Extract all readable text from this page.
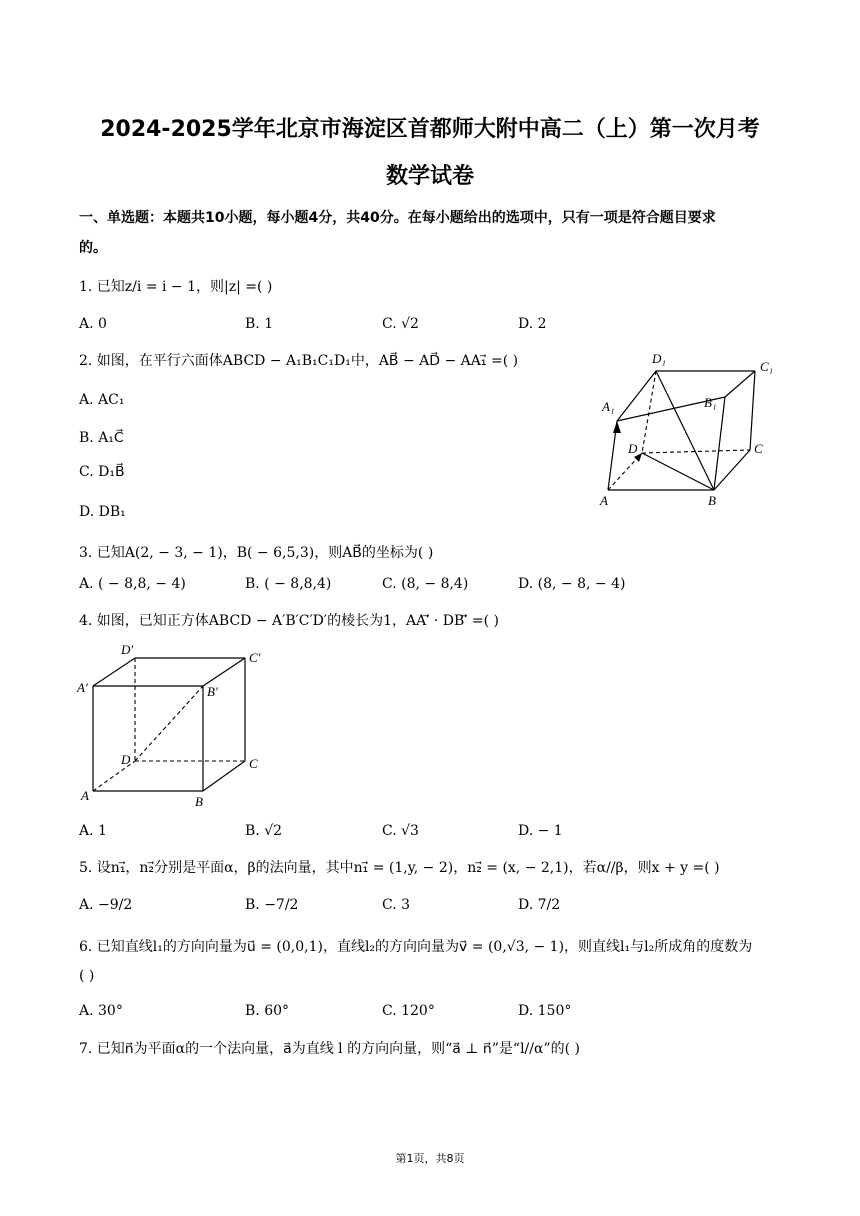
2024-2025学年北京市海淀区首都师大附中高二（上）第一次月考
数学试卷
一、单选题：本题共10小题，每小题4分，共40分。在每小题给出的选项中，只有一项是符合题目要求
的。
1. 已知z/i = i − 1，则|z| =( )
A. 0	B. 1	C. √2	D. 2
2. 如图，在平行六面体ABCD − A₁B₁C₁D₁中，AB⃗ − AD⃗ − AA₁⃗ =( )
A. AC₁
B. A₁C⃗
C. D₁B⃗
D. DB₁
D₁
C₁
A₁	B₁
D	C
A	B
3. 已知A(2, − 3, − 1)，B( − 6,5,3)，则AB⃗的坐标为( )
A. ( − 8,8, − 4)	B. ( − 8,8,4)	C. (8, − 8,4)	D. (8, − 8, − 4)
4. 如图，已知正方体ABCD − A′B′C′D′的棱长为1，AA′⃗ · DB′⃗ =( )
D′
C′
A′	B′
D	C
A	B
A. 1	B. √2	C. √3	D. − 1
5. 设n₁⃗，n₂⃗分别是平面α，β的法向量，其中n₁⃗ = (1,y, − 2)，n₂⃗ = (x, − 2,1)，若α//β，则x + y =( )
A. −9/2	B. −7/2	C. 3	D. 7/2
6. 已知直线l₁的方向向量为u⃗ = (0,0,1)，直线l₂的方向向量为v⃗ = (0,√3, − 1)，则直线l₁与l₂所成角的度数为
( )
A. 30°	B. 60°	C. 120°	D. 150°
7. 已知n⃗为平面α的一个法向量，a⃗为直线 l 的方向向量，则“a⃗ ⊥ n⃗”是“l//α”的( )
第1页，共8页
